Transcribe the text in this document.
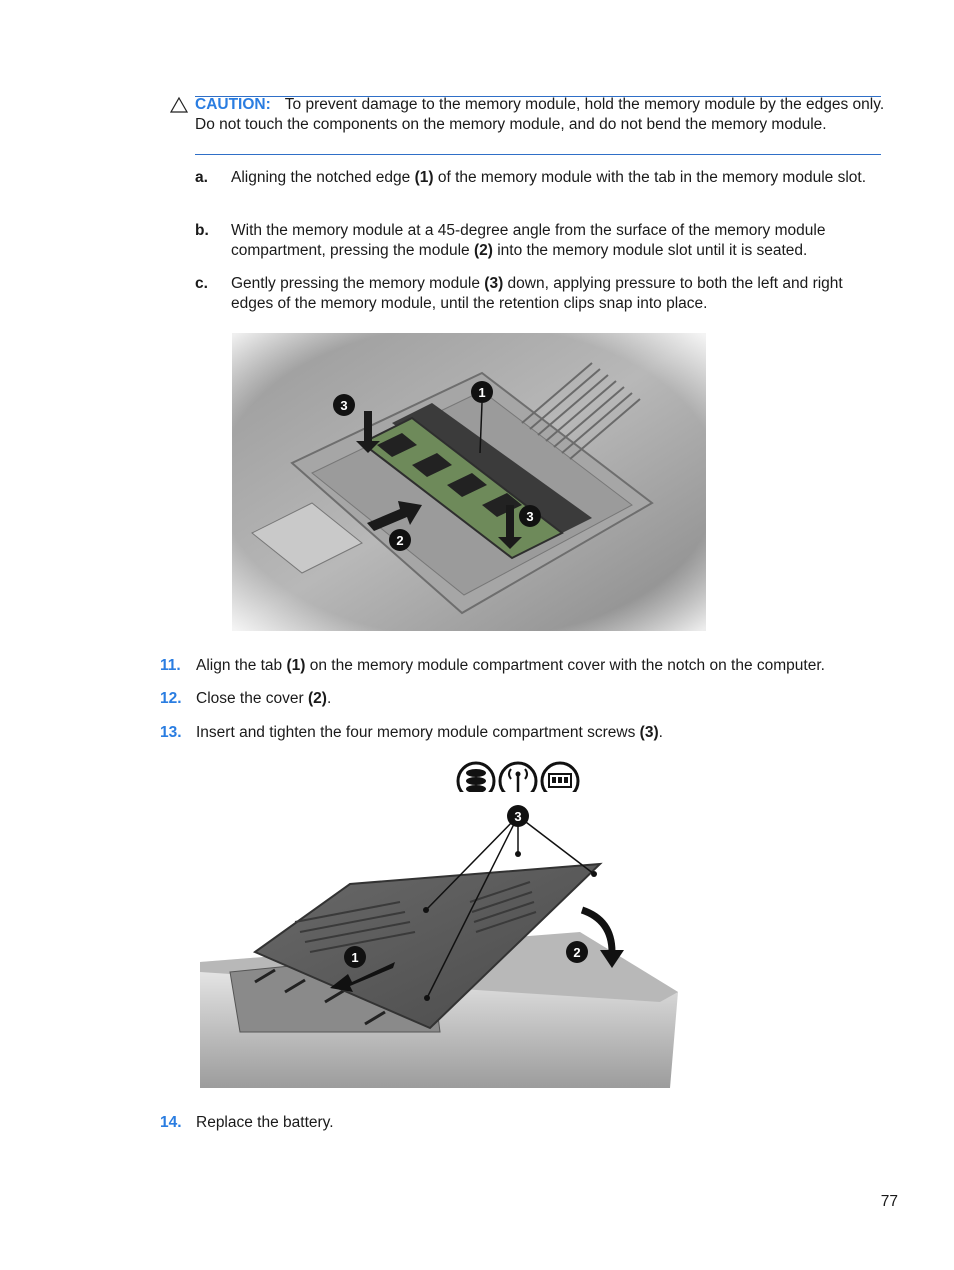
CAUTION: To prevent damage to the memory module, hold the memory module by the edges only. Do not touch the components on the memory module, and do not bend the memory module.
a. Aligning the notched edge (1) of the memory module with the tab in the memory module slot.
b. With the memory module at a 45-degree angle from the surface of the memory module compartment, pressing the module (2) into the memory module slot until it is seated.
c. Gently pressing the memory module (3) down, applying pressure to both the left and right edges of the memory module, until the retention clips snap into place.
11. Align the tab (1) on the memory module compartment cover with the notch on the computer.
12. Close the cover (2).
13. Insert and tighten the four memory module compartment screws (3).
1
3
2
14. Replace the battery.
77
